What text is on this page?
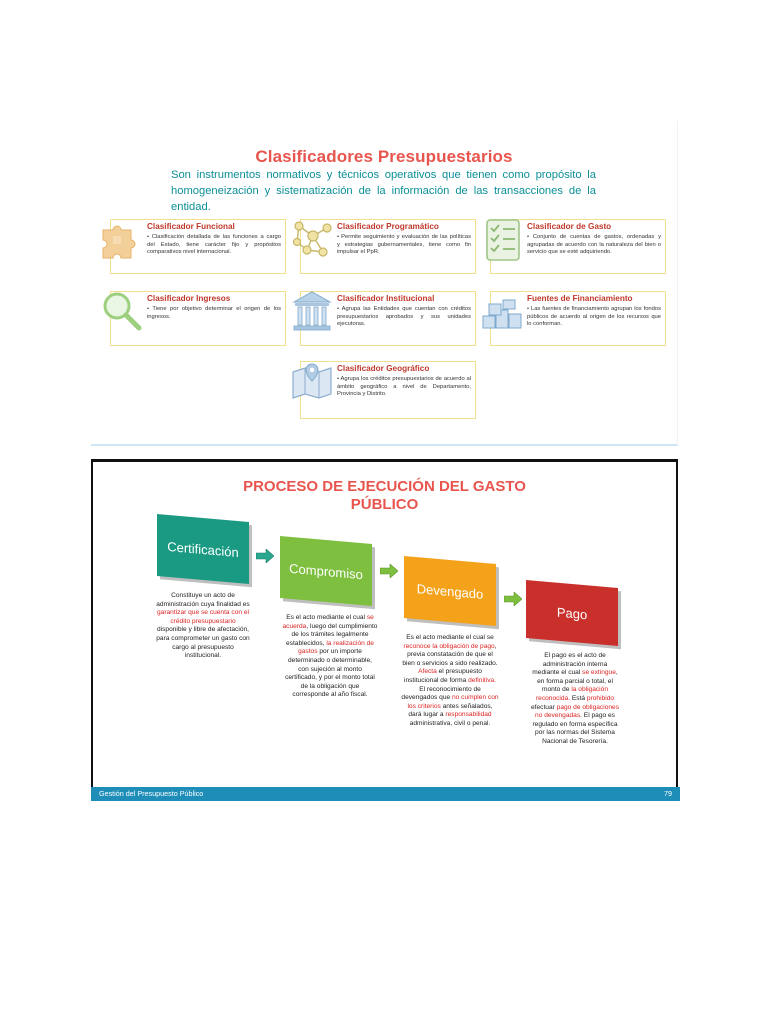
Clasificadores Presupuestarios
Son instrumentos normativos y técnicos operativos que tienen como propósito la homogeneización y sistematización de la información de las transacciones de la entidad.
Clasificador Funcional
• Clasificación detallada de las funciones a cargo del Estado, tiene carácter fijo y propósitos comparativos nivel internacional.
Clasificador Programático
• Permite seguimiento y evaluación de las políticas y estrategias gubernamentales, tiene como fin impulsar el PpR.
Clasificador de Gasto
• Conjunto de cuentas de gastos, ordenadas y agrupadas de acuerdo con la naturaleza del bien o servicio que se esté adquiriendo.
Clasificador Ingresos
• Tiene por objetivo determinar el origen de los ingresos.
Clasificador Institucional
• Agrupa las Entidades que cuentan con créditos presupuestarios aprobados y sus unidades ejecutoras.
Fuentes de Financiamiento
• Las fuentes de financiamiento agrupan los fondos públicos de acuerdo al origen de los recursos que lo conforman.
Clasificador Geográfico
• Agrupa los créditos presupuestarios de acuerdo al ámbito geográfico a nivel de Departamento, Provincia y Distrito.
PROCESO DE EJECUCIÓN DEL GASTO
PÚBLICO
Certificación
Compromiso
Devengado
Pago
Constituye un acto de administración cuya finalidad es garantizar que se cuenta con el crédito presupuestario disponible y libre de afectación, para comprometer un gasto con cargo al presupuesto institucional.
Es el acto mediante el cual se acuerda, luego del cumplimiento de los trámites legalmente establecidos, la realización de gastos por un importe determinado o determinable, con sujeción al monto certificado, y por el monto total de la obligación que corresponde al año fiscal.
Es el acto mediante el cual se reconoce la obligación de pago, previa constatación de que el bien o servicios a sido realizado. Afecta el presupuesto institucional de forma definitiva. El reconocimiento de devengados que no cumplen con los criterios antes señalados, dará lugar a responsabilidad administrativa, civil o penal.
El pago es el acto de administración interna mediante el cual se extingue, en forma parcial o total, el monto de la obligación reconocida. Está prohibido efectuar pago de obligaciones no devengadas. El pago es regulado en forma específica por las normas del Sistema Nacional de Tesorería.
Gestión del Presupuesto Público	79
